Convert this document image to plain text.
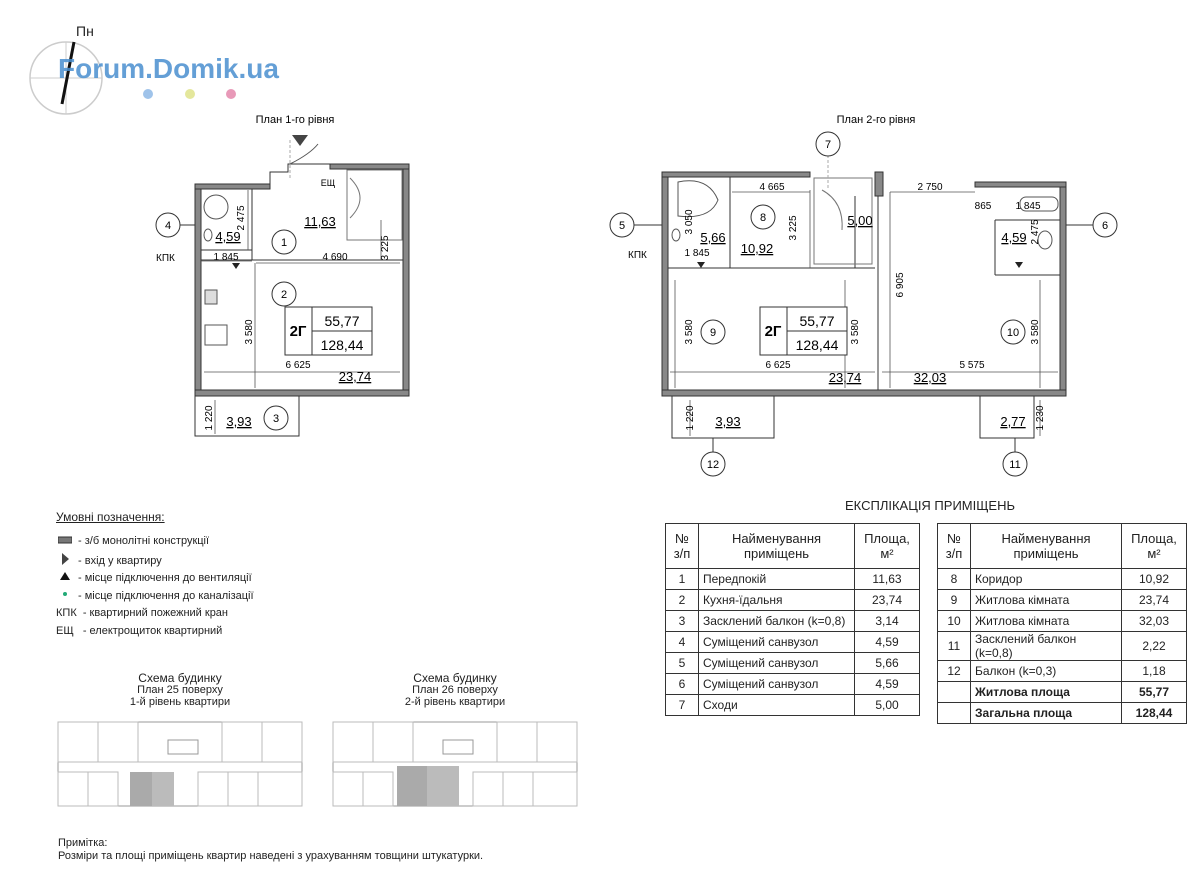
Пн
Forum.Domik.ua
План 1-го рівня
2 475
1 845	4 690	3 225
3 580
6 625
1 220
4,59
11,63
23,74
3,93
ЕЩ
КПК
1
2
3
4
2Г
55,77
128,44
План 2-го рівня
4 665	2 750
3 050	3 225
865 1 845
1 845
2 475
6 905
3 580	3 580	3 580
6 625	5 575
1 220	1 230
5,66
10,92
5,00
4,59
23,74	32,03
3,93	2,77
КПК
5	6
7
8
9	10
11
12
2Г
55,77
128,44
Умовні позначення:
- з/б монолітні конструкції
- вхід у квартиру
- місце підключення до вентиляції
- місце підключення до каналізації
КПК  - квартирний пожежний кран
ЕЩ   - електрощиток квартирний
Схема будинку
План 25 поверху
1-й рівень квартири
Схема будинку
План 26 поверху
2-й рівень квартири
ЕКСПЛІКАЦІЯ ПРИМІЩЕНЬ
№ з/п	Найменування приміщень	Площа, м²
1	Передпокій	11,63
2	Кухня-їдальня	23,74
3	Засклений балкон (k=0,8)	3,14
4	Суміщений санвузол	4,59
5	Суміщений санвузол	5,66
6	Суміщений санвузол	4,59
7	Сходи	5,00
№ з/п	Найменування приміщень	Площа, м²
8	Коридор	10,92
9	Житлова кімната	23,74
10	Житлова кімната	32,03
11	Засклений балкон (k=0,8)	2,22
12	Балкон (k=0,3)	1,18
	Житлова площа	55,77
	Загальна площа	128,44
Примітка:
Розміри та площі приміщень квартир наведені з урахуванням товщини штукатурки.
